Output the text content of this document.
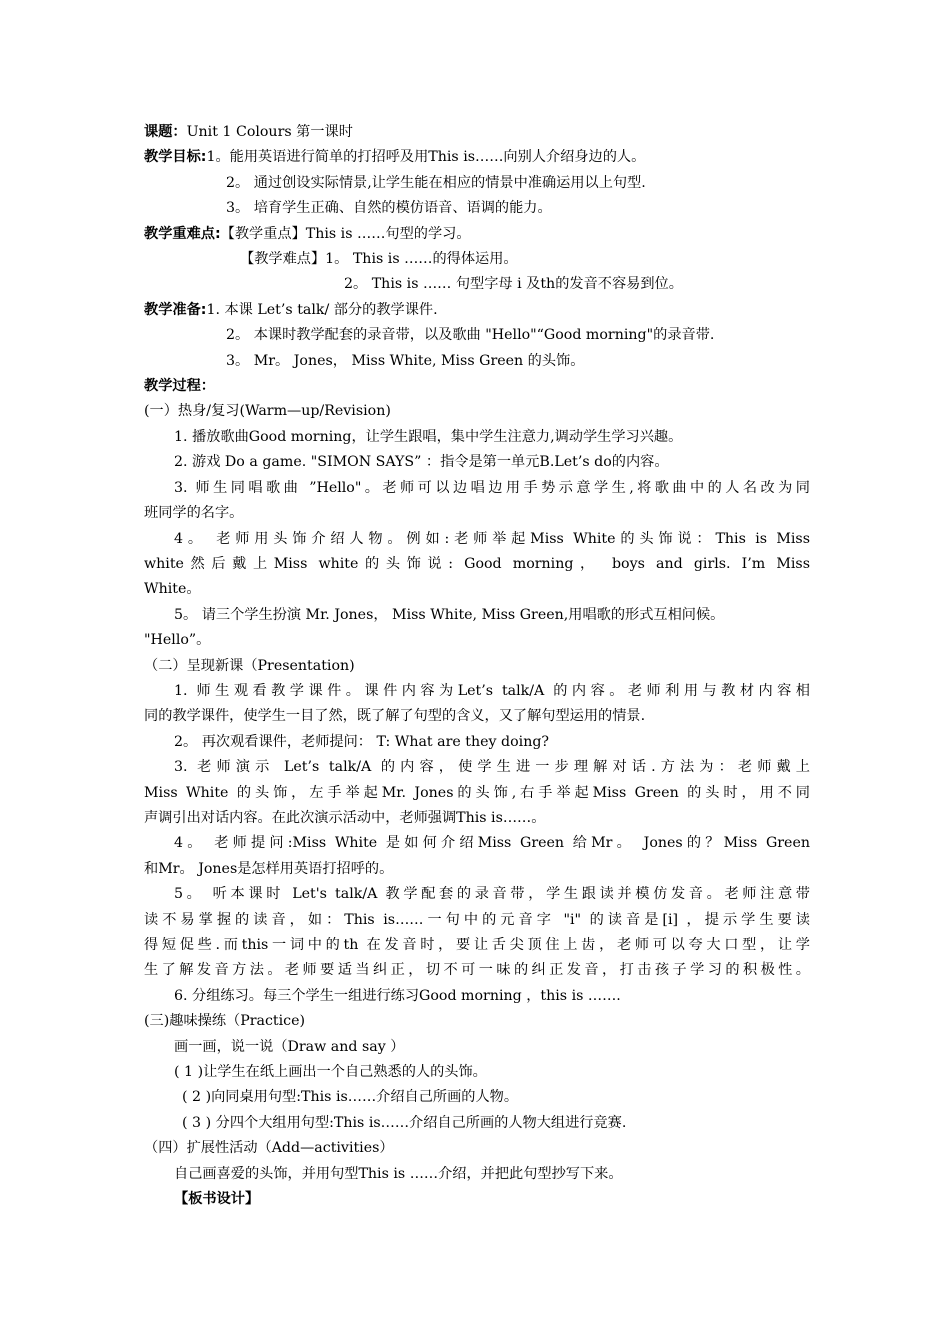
课题：Unit 1 Colours 第一课时
教学目标:1。能用英语进行简单的打招呼及用This is……向别人介绍身边的人。
2。 通过创设实际情景,让学生能在相应的情景中准确运用以上句型.
3。 培育学生正确、自然的模仿语音、语调的能力。
教学重难点:【教学重点】This is ……句型的学习。
【教学难点】1。 This is ……的得体运用。
2。 This is …… 句型字母 i 及th的发音不容易到位。
教学准备:1. 本课 Let’s talk/ 部分的教学课件.
2。 本课时教学配套的录音带，以及歌曲 "Hello"“Good morning"的录音带.
3。 Mr。 Jones， Miss White, Miss Green 的头饰。
教学过程：
(一）热身/复习(Warm—up/Revision)
1. 播放歌曲Good morning，让学生跟唱，集中学生注意力,调动学生学习兴趣。
2. 游戏 Do a game. "SIMON SAYS” ：指令是第一单元B.Let’s do的内容。
3. 师生同唱歌曲 ”Hello"。老师可以边唱边用手势示意学生,将歌曲中的人名改为同
班同学的名字。
4。 老师用头饰介绍人物。例如:老师举起Miss White的头饰说：This is Miss
white然后戴上Miss white的头饰说: Good morning， boys and girls. I’m Miss
White。
5。 请三个学生扮演 Mr. Jones， Miss White, Miss Green,用唱歌的形式互相问候。
"Hello”。
（二）呈现新课（Presentation)
1. 师生观看教学课件。课件内容为Let’s talk/A 的内容。老师利用与教材内容相
同的教学课件，使学生一目了然，既了解了句型的含义，又了解句型运用的情景.
2。 再次观看课件，老师提问： T: What are they doing?
3. 老师演示 Let’s talk/A 的内容，使学生进一步理解对话.方法为：老师戴上
Miss White 的头饰，左手举起Mr. Jones的头饰,右手举起Miss Green 的头时，用不同
声调引出对话内容。在此次演示活动中，老师强调This is……。
4。 老师提问:Miss White 是如何介绍Miss Green 给Mr。 Jones的？Miss Green
和Mr。 Jones是怎样用英语打招呼的。
5。 听本课时 Let's talk/A 教学配套的录音带，学生跟读并模仿发音。老师注意带
读不易掌握的读音，如：This is……一句中的元音字 "i" 的读音是[i] ，提示学生要读
得短促些.而this一词中的th 在发音时，要让舌尖顶住上齿，老师可以夸大口型，让学
生了解发音方法。老师要适当纠正，切不可一味的纠正发音，打击孩子学习的积极性。
6. 分组练习。每三个学生一组进行练习Good morning ，this is …….
(三)趣味操练（Practice)
画一画，说一说（Draw and say ）
( 1 )让学生在纸上画出一个自己熟悉的人的头饰。
( 2 )向同桌用句型:This is……介绍自己所画的人物。
( 3 ) 分四个大组用句型:This is……介绍自己所画的人物大组进行竞赛.
（四）扩展性活动（Add—activities）
自己画喜爱的头饰，并用句型This is ……介绍，并把此句型抄写下来。
【板书设计】
